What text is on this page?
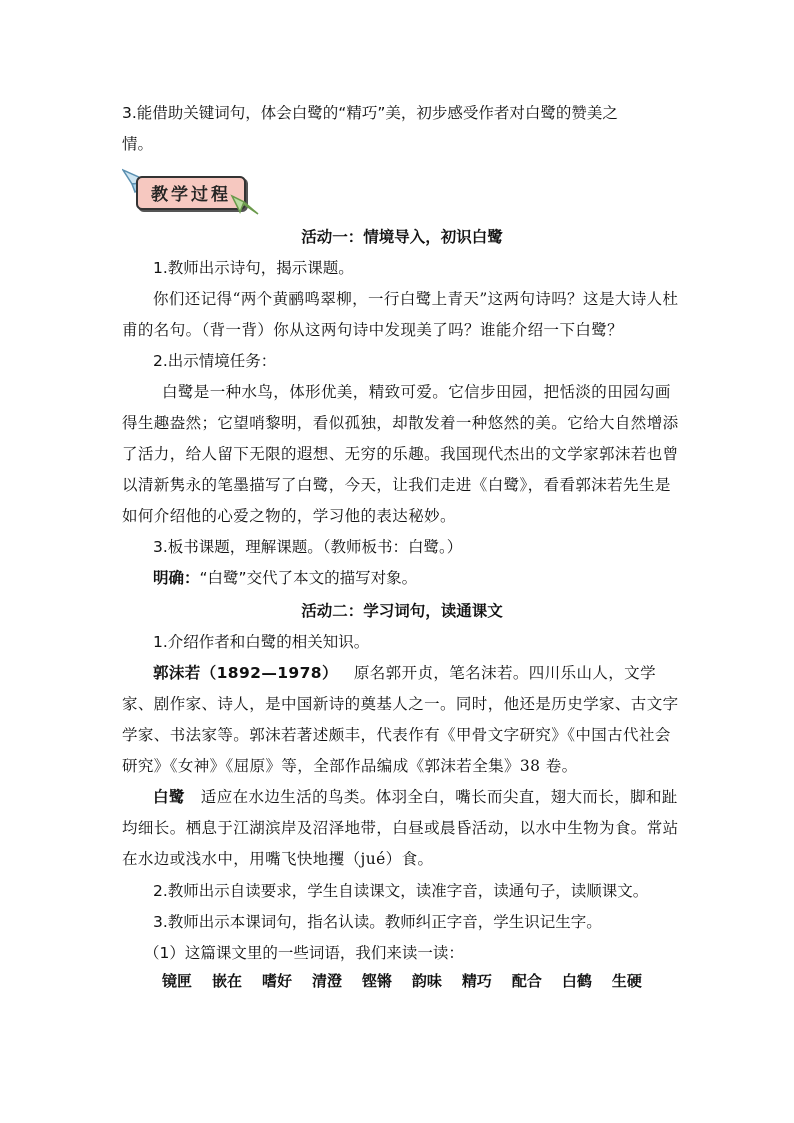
3.能借助关键词句，体会白鹭的“精巧”美，初步感受作者对白鹭的赞美之

情。

教学过程

活动一：情境导入，初识白鹭

1.教师出示诗句，揭示课题。

你们还记得“两个黄鹂鸣翠柳，一行白鹭上青天”这两句诗吗？这是大诗人杜甫的名句。（背一背）你从这两句诗中发现美了吗？谁能介绍一下白鹭？

2.出示情境任务：

白鹭是一种水鸟，体形优美，精致可爱。它信步田园，把恬淡的田园勾画得生趣盎然；它望哨黎明，看似孤独，却散发着一种悠然的美。它给大自然增添了活力，给人留下无限的遐想、无穷的乐趣。我国现代杰出的文学家郭沫若也曾以清新隽永的笔墨描写了白鹭，今天，让我们走进《白鹭》，看看郭沫若先生是如何介绍他的心爱之物的，学习他的表达秘妙。

3.板书课题，理解课题。（教师板书：白鹭。）

明确：“白鹭”交代了本文的描写对象。

活动二：学习词句，读通课文

1.介绍作者和白鹭的相关知识。

郭沫若（1892—1978） 原名郭开贞，笔名沫若。四川乐山人，文学家、剧作家、诗人，是中国新诗的奠基人之一。同时，他还是历史学家、古文字学家、书法家等。郭沫若著述颇丰，代表作有《甲骨文字研究》《中国古代社会研究》《女神》《屈原》等，全部作品编成《郭沫若全集》38 卷。

白鹭 适应在水边生活的鸟类。体羽全白，嘴长而尖直，翅大而长，脚和趾均细长。栖息于江湖滨岸及沼泽地带，白昼或晨昏活动，以水中生物为食。常站在水边或浅水中，用嘴飞快地攫（jué）食。

2.教师出示自读要求，学生自读课文，读准字音，读通句子，读顺课文。

3.教师出示本课词句，指名认读。教师纠正字音，学生识记生字。

（1）这篇课文里的一些词语，我们来读一读：

镜匣 嵌在 嗜好 清澄 铿锵 韵味 精巧 配合 白鹤 生硬
